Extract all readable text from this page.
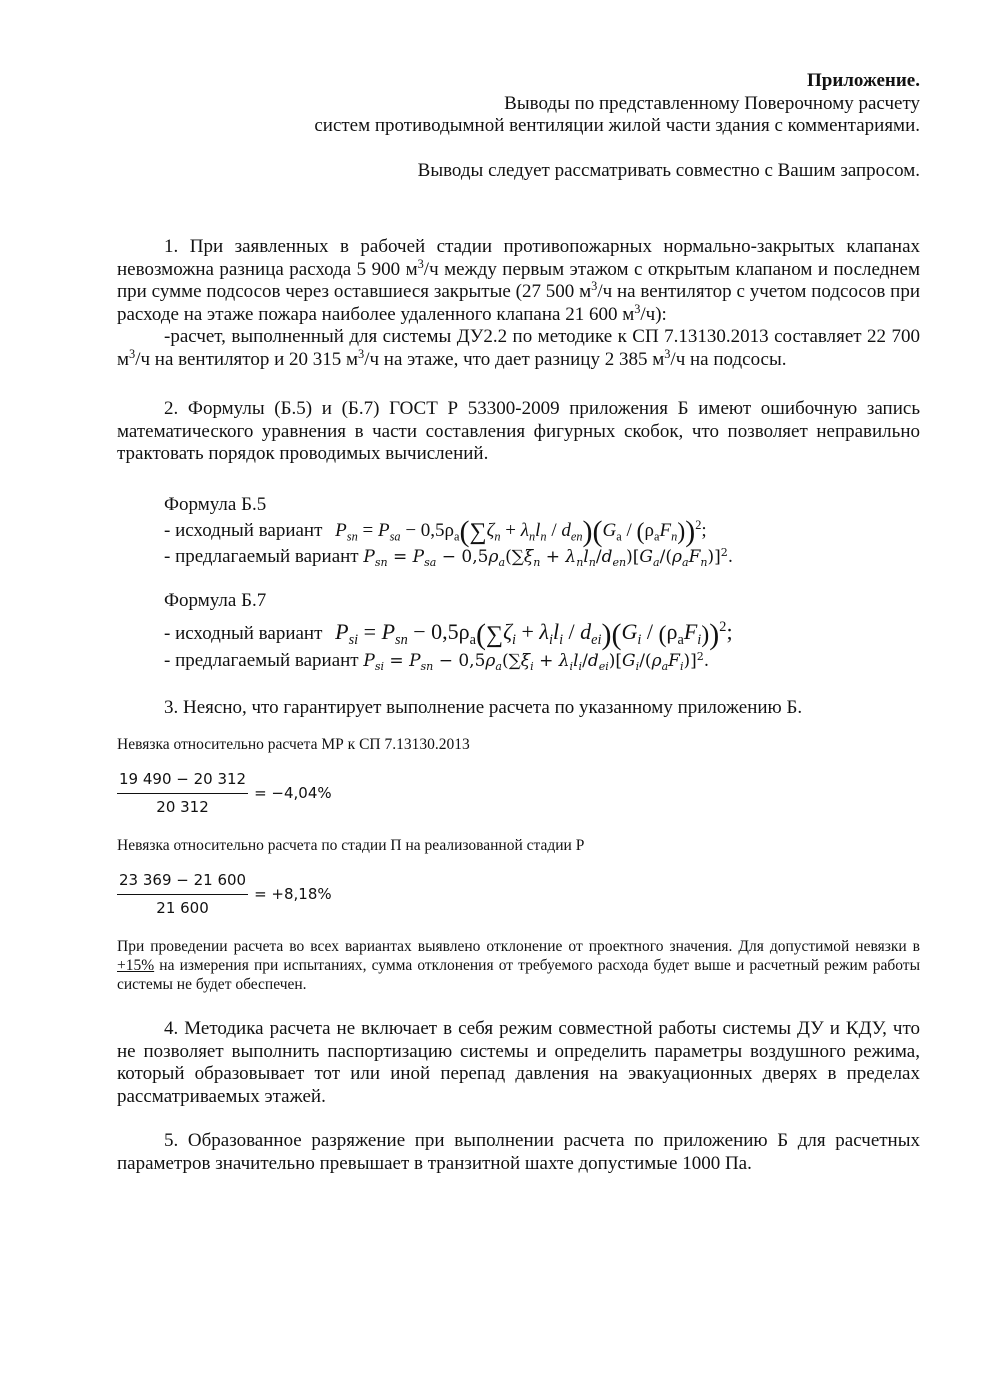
Приложение.

Выводы по представленному Поверочному расчету

систем противодымной вентиляции жилой части здания с комментариями.

Выводы следует рассматривать совместно с Вашим запросом.

1. При заявленных в рабочей стадии противопожарных нормально-закрытых клапанах невозможна разница расхода 5 900 $м^3/ч$ между первым этажом с открытым клапаном и последнем при сумме подсосов через оставшиеся закрытые (27 500 $м^3/ч$ на вентилятор с учетом подсосов при расходе на этаже пожара наиболее удаленного клапана 21 600 $м^3/ч$):

-расчет, выполненный для системы ДУ2.2 по методике к СП 7.13130.2013 составляет 22 700 $м^3/ч$ на вентилятор и 20 315 $м^3/ч$ на этаже, что дает разницу 2 385 $м^3/ч$ на подсосы.

2. Формулы (Б.5) и (Б.7) ГОСТ Р 53300-2009 приложения Б имеют ошибочную запись математического уравнения в части составления фигурных скобок, что позволяет неправильно трактовать порядок проводимых вычислений.

Формула Б.5

- исходный вариант $P_{sn} = P_{sa} - 0,5\rho_a(\sum\zeta_n + \lambda_nl_n / d_{en})(G_a / (\rho_aF_n))^2$;
- предлагаемый вариант $P_{sn} = P_{sa} - 0,5\rho_a(\sum\xi_n + \lambda_nl_n/d_{en})[G_a/(\rho_aF_n)]^2$.

Формула Б.7

- исходный вариант $P_{si} = P_{sn} - 0,5\rho_a(\sum\zeta_i + \lambda_il_i / d_{ei})(G_i / (\rho_aF_i))^2$;
- предлагаемый вариант $P_{si} = P_{sn} - 0,5\rho_a(\sum\xi_i + \lambda_il_i/d_{ei})[G_i/(\rho_aF_i)]^2$.

3. Неясно, что гарантирует выполнение расчета по указанному приложению Б.

Невязка относительно расчета МР к СП 7.13130.2013

$\frac{19 490 - 20 312}{20 312} = -4,04\%$

Невязка относительно расчета по стадии П на реализованной стадии Р

$\frac{23 369 - 21 600}{21 600} = +8,18\%$

При проведении расчета во всех вариантах выявлено отклонение от проектного значения. Для допустимой невязки в +15% на измерения при испытаниях, сумма отклонения от требуемого расхода будет выше и расчетный режим работы системы не будет обеспечен.

4. Методика расчета не включает в себя режим совместной работы системы ДУ и КДУ, что не позволяет выполнить паспортизацию системы и определить параметры воздушного режима, который образовывает тот или иной перепад давления на эвакуационных дверях в пределах рассматриваемых этажей.

5. Образованное разряжение при выполнении расчета по приложению Б для расчетных параметров значительно превышает в транзитной шахте допустимые 1000 Па.
